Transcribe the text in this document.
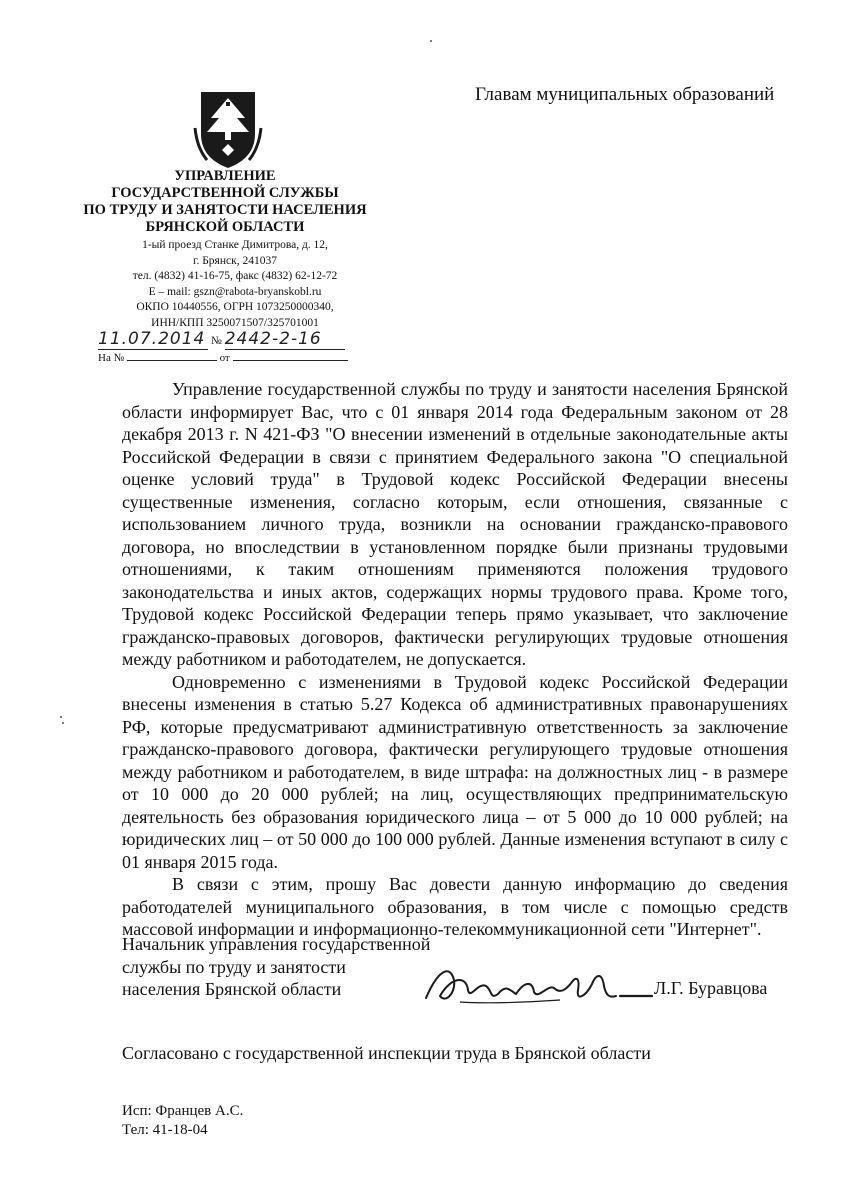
Главам муниципальных образований
УПРАВЛЕНИЕ
ГОСУДАРСТВЕННОЙ СЛУЖБЫ
ПО ТРУДУ И ЗАНЯТОСТИ НАСЕЛЕНИЯ
БРЯНСКОЙ ОБЛАСТИ
1-ый проезд Станке Димитрова, д. 12,
г. Брянск, 241037
тел. (4832) 41-16-75, факс (4832) 62-12-72
E – mail: gszn@rabota-bryanskobl.ru
ОКПО 10440556, ОГРН 1073250000340,
ИНН/КПП 3250071507/325701001
11.07.2014 № 2442-2-16
На №	от

Управление государственной службы по труду и занятости населения Брянской области информирует Вас, что с 01 января 2014 года Федеральным законом от 28 декабря 2013 г. N 421-ФЗ "О внесении изменений в отдельные законодательные акты Российской Федерации в связи с принятием Федерального закона "О специальной оценке условий труда" в Трудовой кодекс Российской Федерации внесены существенные изменения, согласно которым, если отношения, связанные с использованием личного труда, возникли на основании гражданско-правового договора, но впоследствии в установленном порядке были признаны трудовыми отношениями, к таким отношениям применяются положения трудового законодательства и иных актов, содержащих нормы трудового права. Кроме того, Трудовой кодекс Российской Федерации теперь прямо указывает, что заключение гражданско-правовых договоров, фактически регулирующих трудовые отношения между работником и работодателем, не допускается.

Одновременно с изменениями в Трудовой кодекс Российской Федерации внесены изменения в статью 5.27 Кодекса об административных правонарушениях РФ, которые предусматривают административную ответственность за заключение гражданско-правового договора, фактически регулирующего трудовые отношения между работником и работодателем, в виде штрафа: на должностных лиц - в размере от 10 000 до 20 000 рублей; на лиц, осуществляющих предпринимательскую деятельность без образования юридического лица – от 5 000 до 10 000 рублей; на юридических лиц – от 50 000 до 100 000 рублей. Данные изменения вступают в силу с 01 января 2015 года.

В связи с этим, прошу Вас довести данную информацию до сведения работодателей муниципального образования, в том числе с помощью средств массовой информации и информационно-телекоммуникационной сети "Интернет".

Начальник управления государственной
службы по труду и занятости
населения Брянской области	Л.Г. Буравцова
Согласовано с государственной инспекции труда в Брянской области
Исп: Францев А.С.
Тел: 41-18-04
